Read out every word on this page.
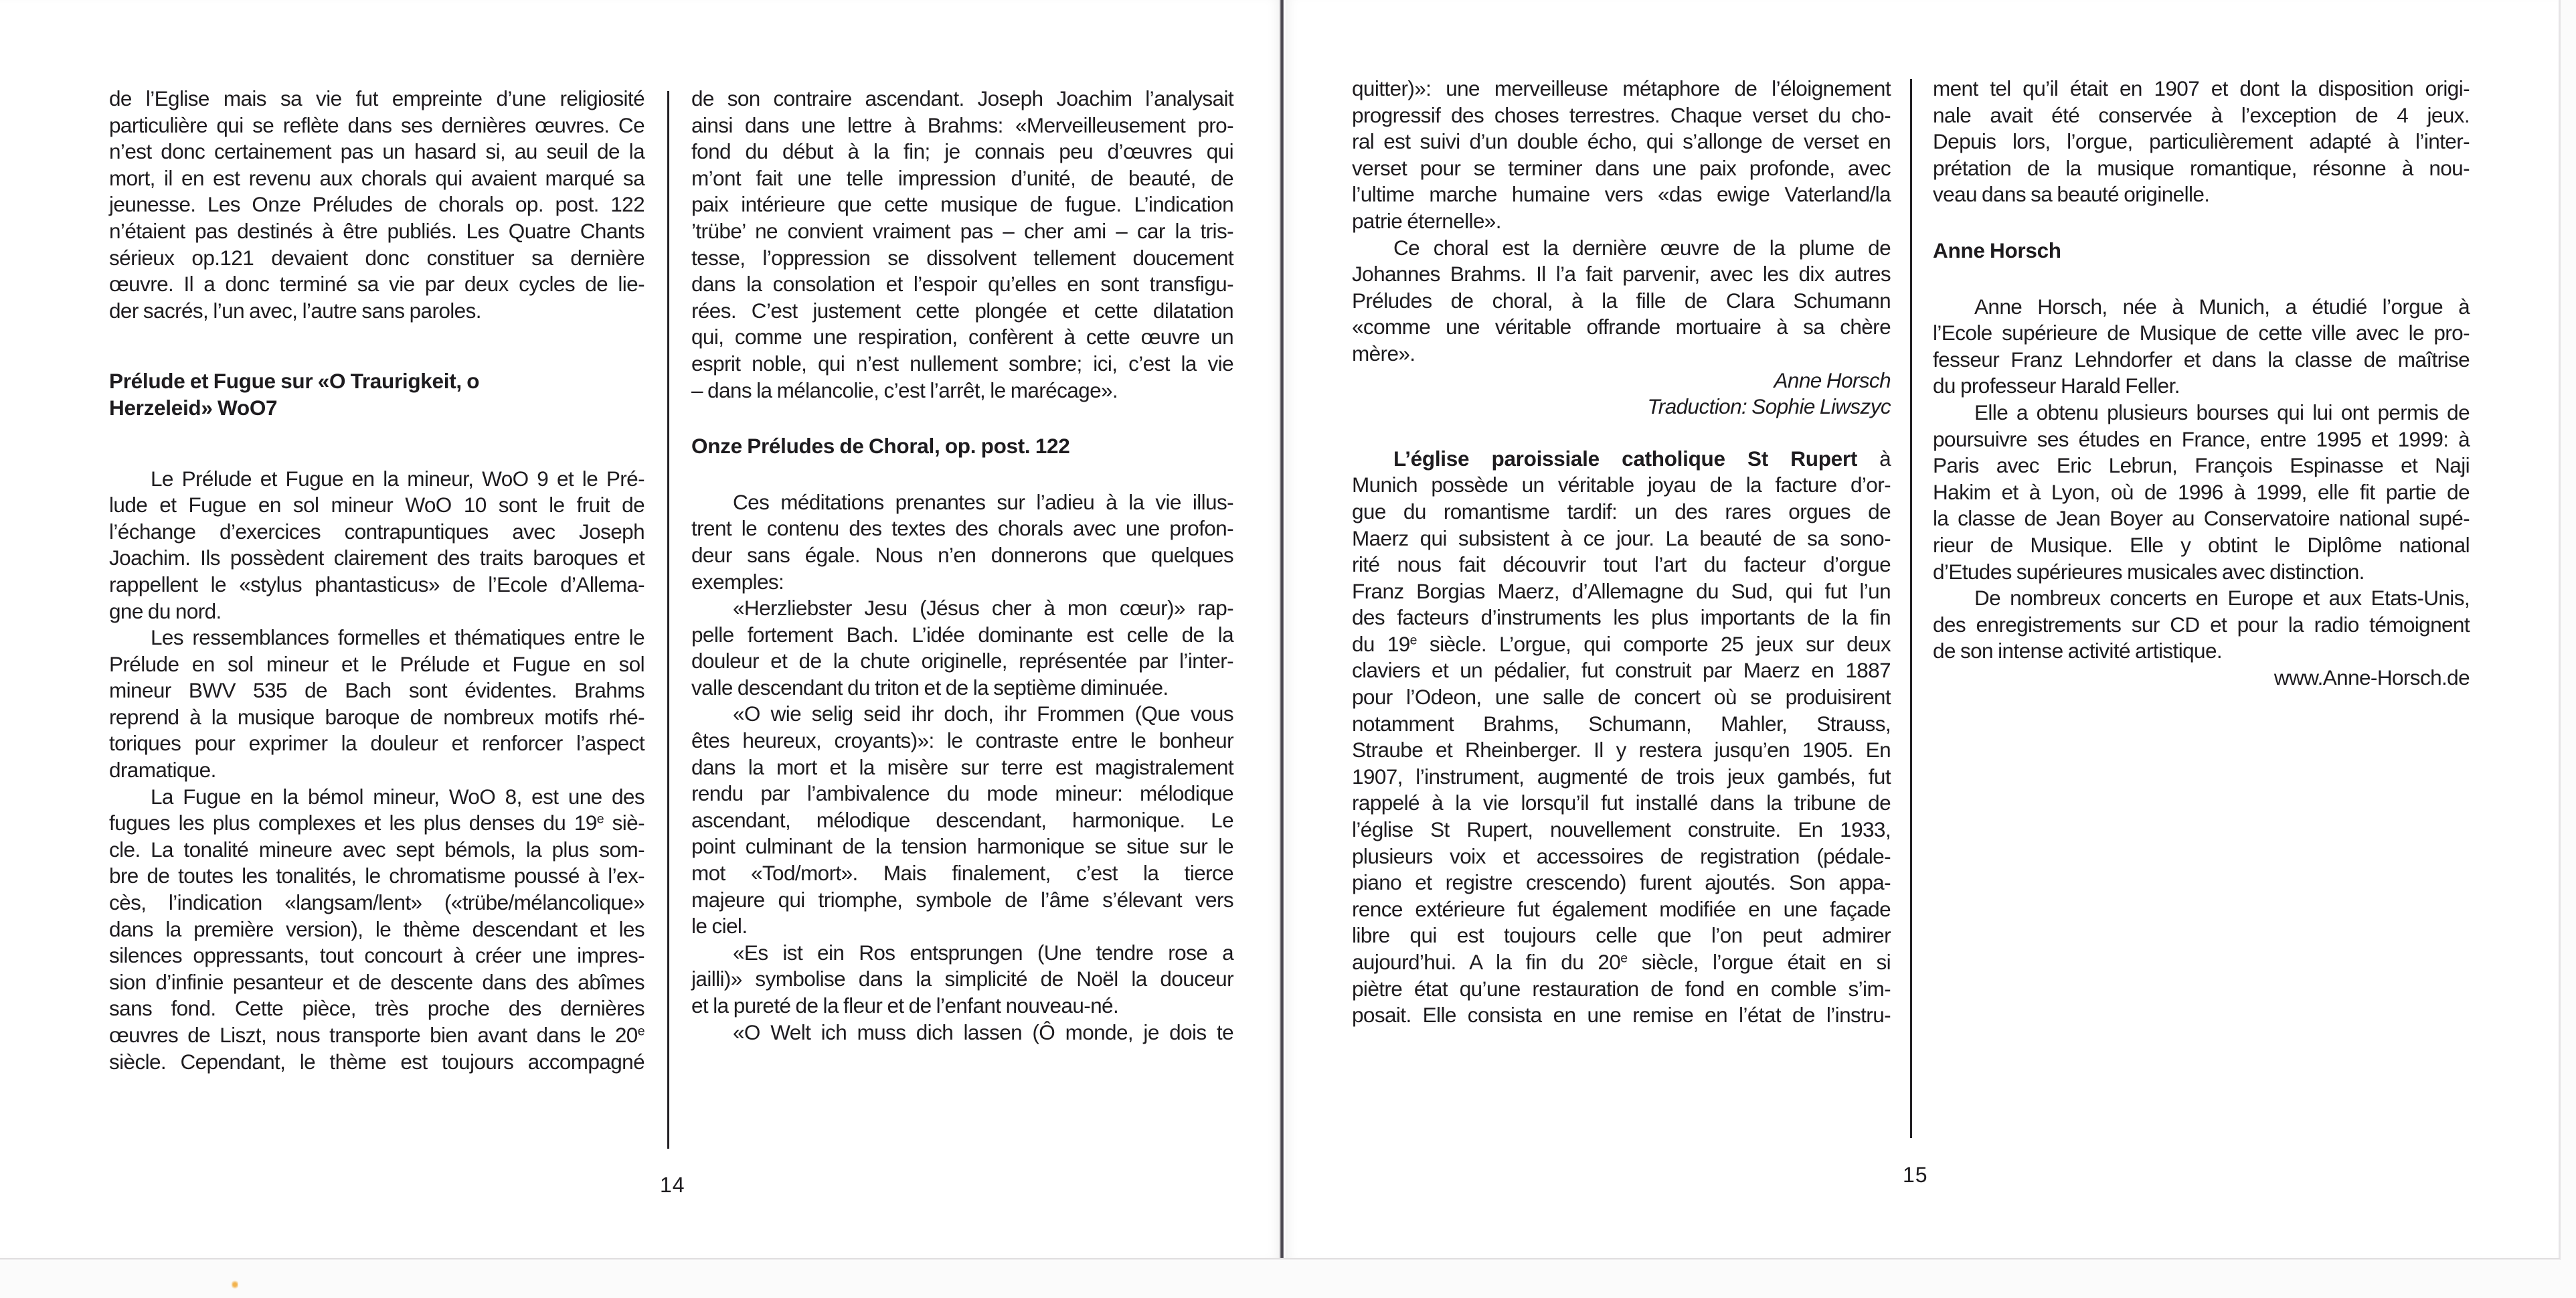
de l’Eglise mais sa vie fut empreinte d’une religiosité
particulière qui se reflète dans ses dernières œuvres. Ce
n’est donc certainement pas un hasard si, au seuil de la
mort, il en est revenu aux chorals qui avaient marqué sa
jeunesse. Les Onze Préludes de chorals op. post. 122
n’étaient pas destinés à être publiés. Les Quatre Chants
sérieux op.121 devaient donc constituer sa dernière
œuvre. Il a donc terminé sa vie par deux cycles de lie-
der sacrés, l’un avec, l’autre sans paroles.
Prélude et Fugue sur «O Traurigkeit, o
Herzeleid» WoO7
Le Prélude et Fugue en la mineur, WoO 9 et le Pré-
lude et Fugue en sol mineur WoO 10 sont le fruit de
l’échange d’exercices contrapuntiques avec Joseph
Joachim. Ils possèdent clairement des traits baroques et
rappellent le «stylus phantasticus» de l’Ecole d’Allema-
gne du nord.
Les ressemblances formelles et thématiques entre le
Prélude en sol mineur et le Prélude et Fugue en sol
mineur BWV 535 de Bach sont évidentes. Brahms
reprend à la musique baroque de nombreux motifs rhé-
toriques pour exprimer la douleur et renforcer l’aspect
dramatique.
La Fugue en la bémol mineur, WoO 8, est une des
fugues les plus complexes et les plus denses du 19e siè-
cle. La tonalité mineure avec sept bémols, la plus som-
bre de toutes les tonalités, le chromatisme poussé à l’ex-
cès, l’indication «langsam/lent» («trübe/mélancolique»
dans la première version), le thème descendant et les
silences oppressants, tout concourt à créer une impres-
sion d’infinie pesanteur et de descente dans des abîmes
sans fond. Cette pièce, très proche des dernières
œuvres de Liszt, nous transporte bien avant dans le 20e
siècle. Cependant, le thème est toujours accompagné
de son contraire ascendant. Joseph Joachim l’analysait
ainsi dans une lettre à Brahms: «Merveilleusement pro-
fond du début à la fin; je connais peu d’œuvres qui
m’ont fait une telle impression d’unité, de beauté, de
paix intérieure que cette musique de fugue. L’indication
’trübe’ ne convient vraiment pas – cher ami – car la tris-
tesse, l’oppression se dissolvent tellement doucement
dans la consolation et l’espoir qu’elles en sont transfigu-
rées. C’est justement cette plongée et cette dilatation
qui, comme une respiration, confèrent à cette œuvre un
esprit noble, qui n’est nullement sombre; ici, c’est la vie
– dans la mélancolie, c’est l’arrêt, le marécage».
Onze Préludes de Choral, op. post. 122
Ces méditations prenantes sur l’adieu à la vie illus-
trent le contenu des textes des chorals avec une profon-
deur sans égale. Nous n’en donnerons que quelques
exemples:
«Herzliebster Jesu (Jésus cher à mon cœur)» rap-
pelle fortement Bach. L’idée dominante est celle de la
douleur et de la chute originelle, représentée par l’inter-
valle descendant du triton et de la septième diminuée.
«O wie selig seid ihr doch, ihr Frommen (Que vous
êtes heureux, croyants)»: le contraste entre le bonheur
dans la mort et la misère sur terre est magistralement
rendu par l’ambivalence du mode mineur: mélodique
ascendant, mélodique descendant, harmonique. Le
point culminant de la tension harmonique se situe sur le
mot «Tod/mort». Mais finalement, c’est la tierce
majeure qui triomphe, symbole de l’âme s’élevant vers
le ciel.
«Es ist ein Ros entsprungen (Une tendre rose a
jailli)» symbolise dans la simplicité de Noël la douceur
et la pureté de la fleur et de l’enfant nouveau-né.
«O Welt ich muss dich lassen (Ô monde, je dois te
14
quitter)»: une merveilleuse métaphore de l’éloignement
progressif des choses terrestres. Chaque verset du cho-
ral est suivi d’un double écho, qui s’allonge de verset en
verset pour se terminer dans une paix profonde, avec
l’ultime marche humaine vers «das ewige Vaterland/la
patrie éternelle».
Ce choral est la dernière œuvre de la plume de
Johannes Brahms. Il l’a fait parvenir, avec les dix autres
Préludes de choral, à la fille de Clara Schumann
«comme une véritable offrande mortuaire à sa chère
mère».
Anne Horsch
Traduction: Sophie Liwszyc
L’église paroissiale catholique St Rupert à
Munich possède un véritable joyau de la facture d’or-
gue du romantisme tardif: un des rares orgues de
Maerz qui subsistent à ce jour. La beauté de sa sono-
rité nous fait découvrir tout l’art du facteur d’orgue
Franz Borgias Maerz, d’Allemagne du Sud, qui fut l’un
des facteurs d’instruments les plus importants de la fin
du 19e siècle. L’orgue, qui comporte 25 jeux sur deux
claviers et un pédalier, fut construit par Maerz en 1887
pour l’Odeon, une salle de concert où se produisirent
notamment Brahms, Schumann, Mahler, Strauss,
Straube et Rheinberger. Il y restera jusqu’en 1905. En
1907, l’instrument, augmenté de trois jeux gambés, fut
rappelé à la vie lorsqu’il fut installé dans la tribune de
l’église St Rupert, nouvellement construite. En 1933,
plusieurs voix et accessoires de registration (pédale-
piano et registre crescendo) furent ajoutés. Son appa-
rence extérieure fut également modifiée en une façade
libre qui est toujours celle que l’on peut admirer
aujourd’hui. A la fin du 20e siècle, l’orgue était en si
piètre état qu’une restauration de fond en comble s’im-
posait. Elle consista en une remise en l’état de l’instru-
ment tel qu’il était en 1907 et dont la disposition origi-
nale avait été conservée à l’exception de 4 jeux.
Depuis lors, l’orgue, particulièrement adapté à l’inter-
prétation de la musique romantique, résonne à nou-
veau dans sa beauté originelle.
Anne Horsch
Anne Horsch, née à Munich, a étudié l’orgue à
l’Ecole supérieure de Musique de cette ville avec le pro-
fesseur Franz Lehndorfer et dans la classe de maîtrise
du professeur Harald Feller.
Elle a obtenu plusieurs bourses qui lui ont permis de
poursuivre ses études en France, entre 1995 et 1999: à
Paris avec Eric Lebrun, François Espinasse et Naji
Hakim et à Lyon, où de 1996 à 1999, elle fit partie de
la classe de Jean Boyer au Conservatoire national supé-
rieur de Musique. Elle y obtint le Diplôme national
d’Etudes supérieures musicales avec distinction.
De nombreux concerts en Europe et aux Etats-Unis,
des enregistrements sur CD et pour la radio témoignent
de son intense activité artistique.
www.Anne-Horsch.de
15
